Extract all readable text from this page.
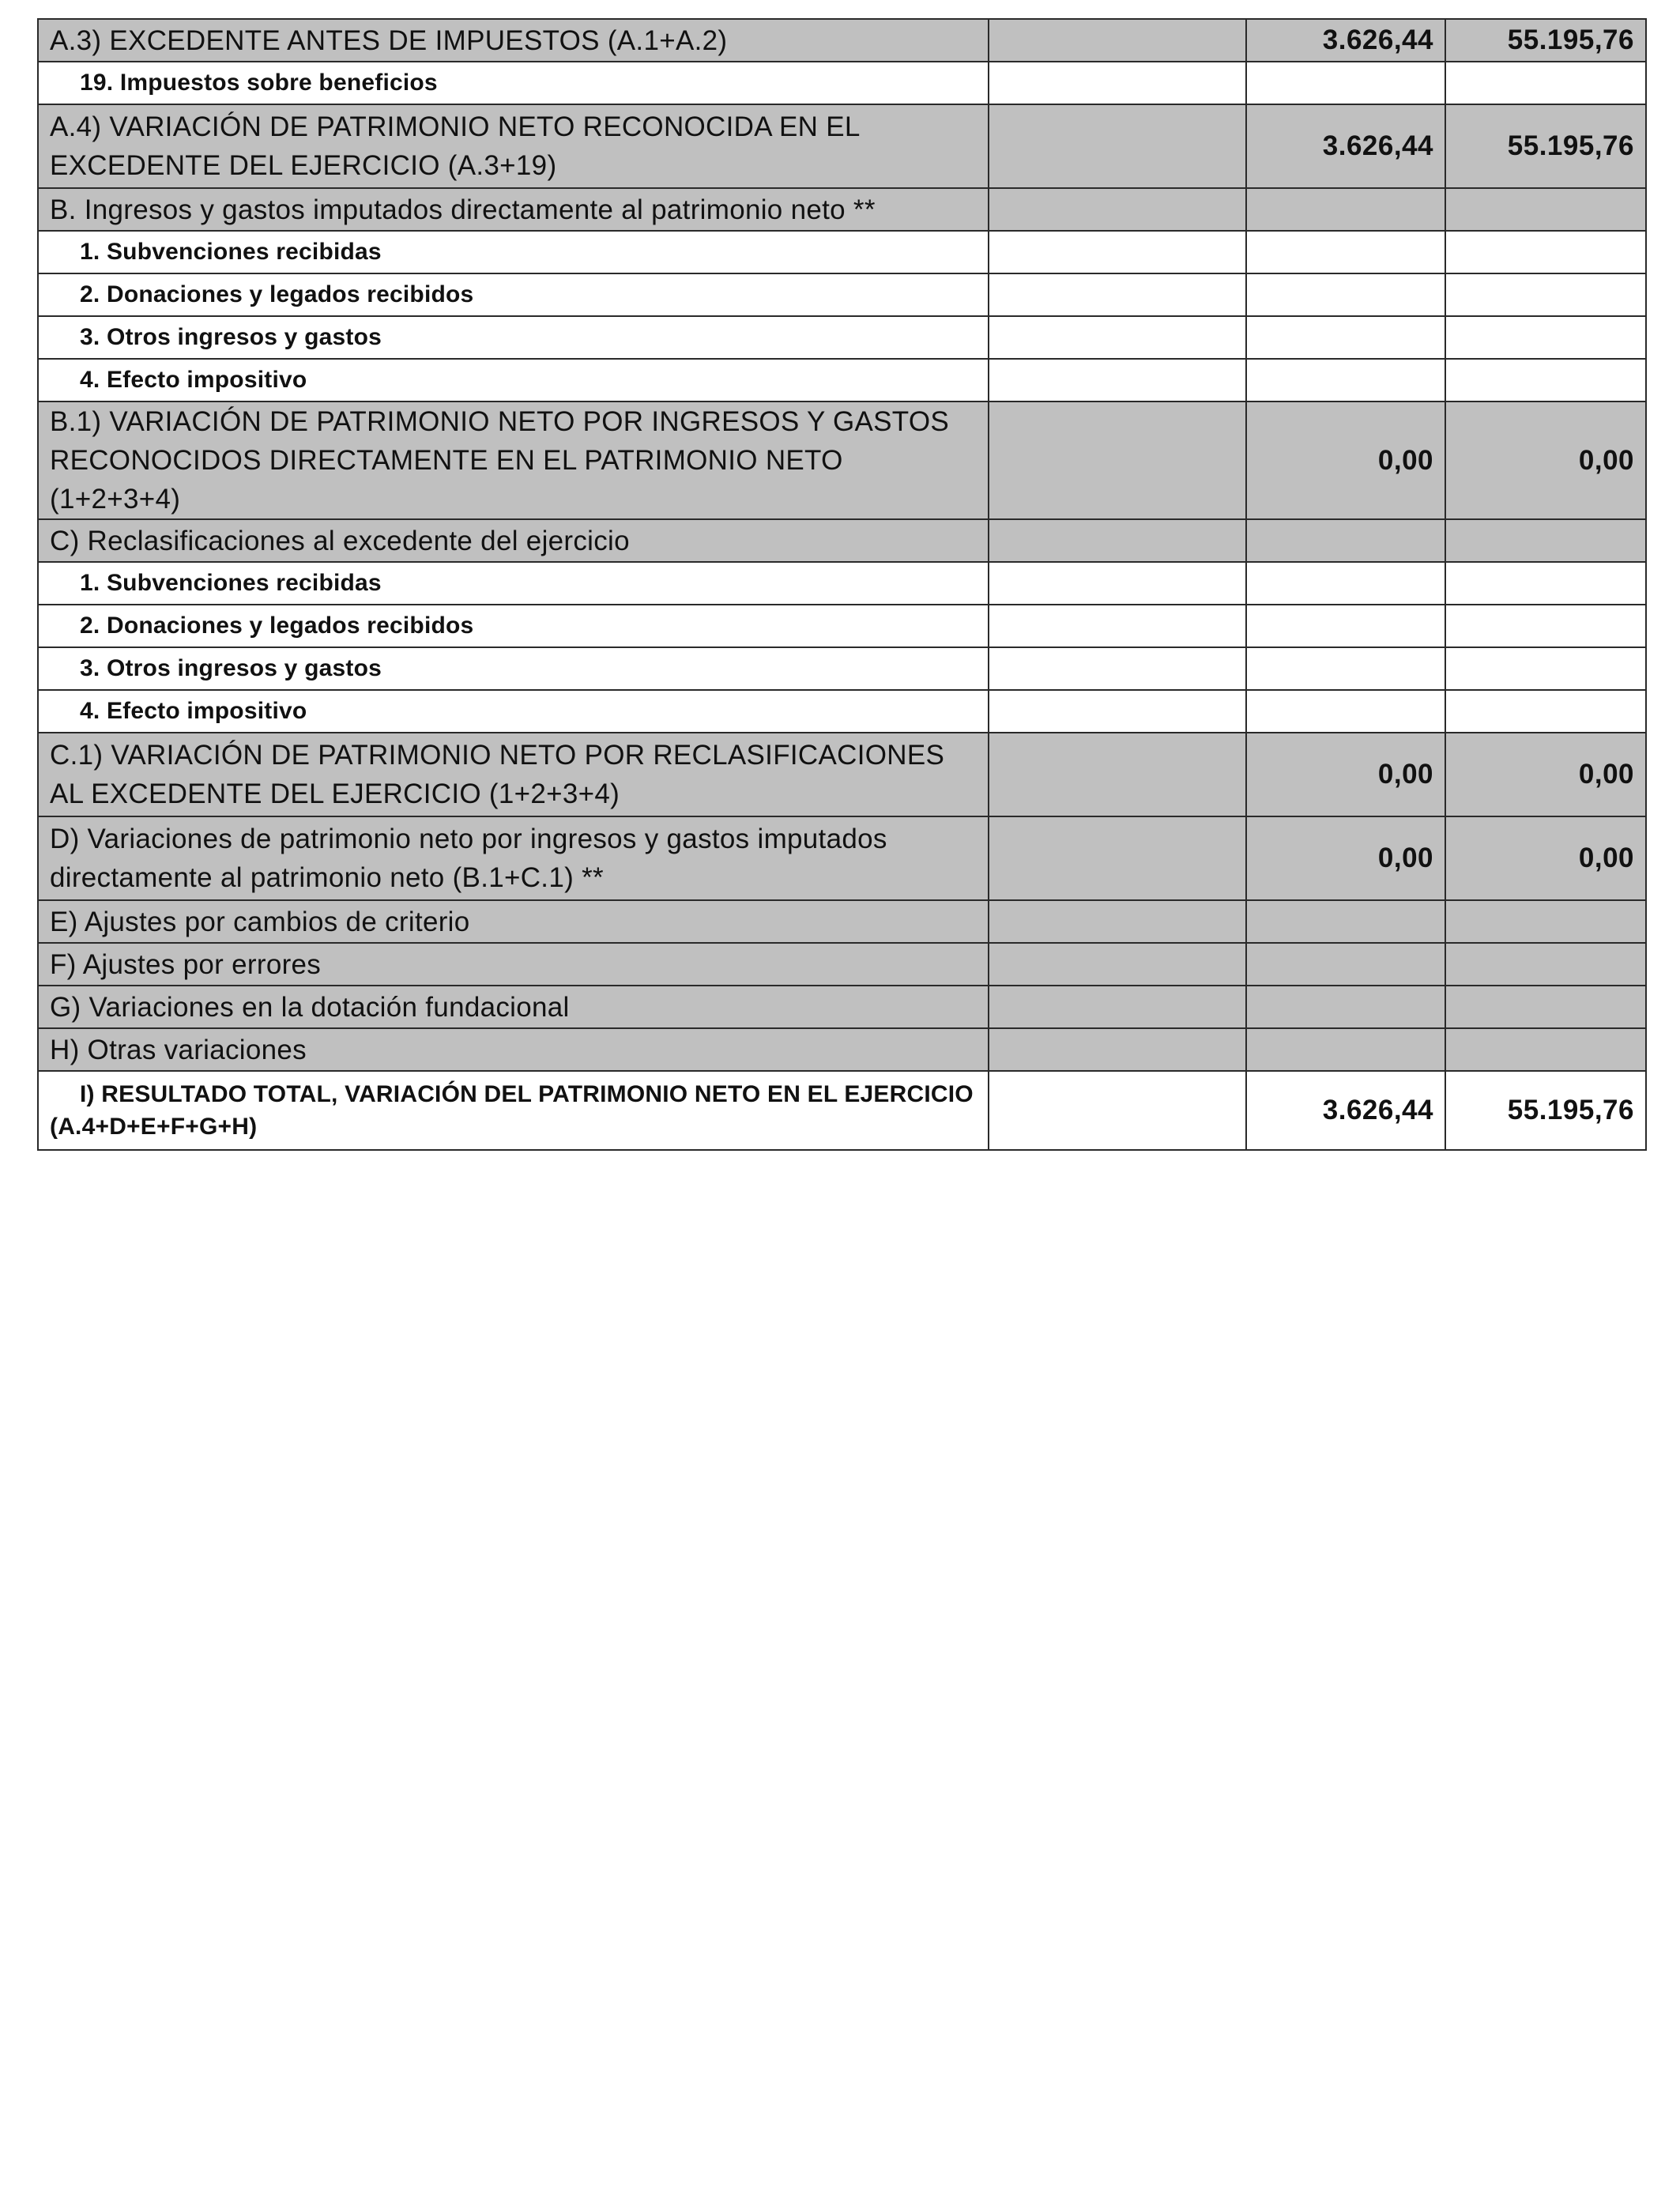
A.3) EXCEDENTE ANTES DE IMPUESTOS (A.1+A.2)		3.626,44	55.195,76
19. Impuestos sobre beneficios			
A.4) VARIACIÓN DE PATRIMONIO NETO RECONOCIDA EN EL EXCEDENTE DEL EJERCICIO (A.3+19)		3.626,44	55.195,76
B. Ingresos y gastos imputados directamente al patrimonio neto **			
1. Subvenciones recibidas			
2. Donaciones y legados recibidos			
3. Otros ingresos y gastos			
4. Efecto impositivo			
B.1) VARIACIÓN DE PATRIMONIO NETO POR INGRESOS Y GASTOS RECONOCIDOS DIRECTAMENTE EN EL PATRIMONIO NETO (1+2+3+4)		0,00	0,00
C) Reclasificaciones al excedente del ejercicio			
1. Subvenciones recibidas			
2. Donaciones y legados recibidos			
3. Otros ingresos y gastos			
4. Efecto impositivo			
C.1) VARIACIÓN DE PATRIMONIO NETO POR RECLASIFICACIONES AL EXCEDENTE DEL EJERCICIO (1+2+3+4)		0,00	0,00
D) Variaciones de patrimonio neto por ingresos y gastos imputados directamente al patrimonio neto (B.1+C.1) **		0,00	0,00
E) Ajustes por cambios de criterio			
F) Ajustes por errores			
G) Variaciones en la dotación fundacional			
H) Otras variaciones			
I) RESULTADO TOTAL, VARIACIÓN DEL PATRIMONIO NETO EN EL EJERCICIO (A.4+D+E+F+G+H)		3.626,44	55.195,76
